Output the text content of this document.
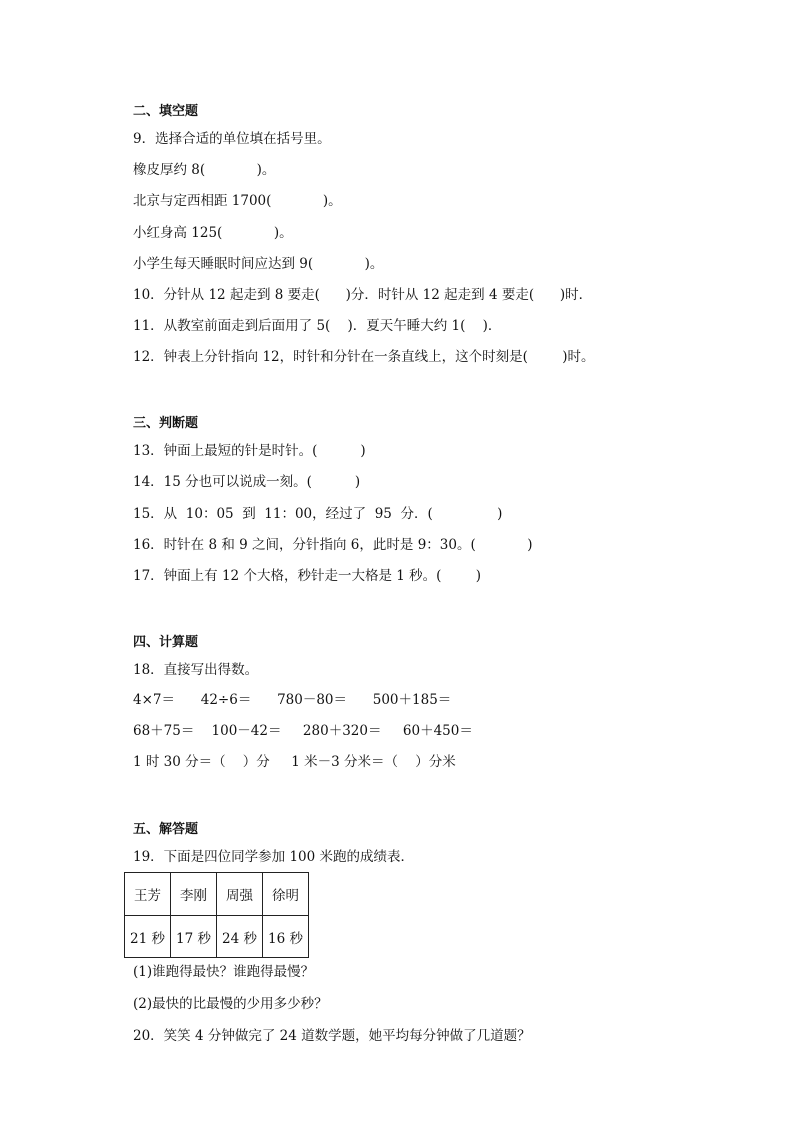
二、填空题
9．选择合适的单位填在括号里。
橡皮厚约 8(            )。
北京与定西相距 1700(            )。
小红身高 125(            )。
小学生每天睡眠时间应达到 9(            )。
10．分针从 12 起走到 8 要走(      )分．时针从 12 起走到 4 要走(      )时．
11．从教室前面走到后面用了 5(    )．夏天午睡大约 1(    )．
12．钟表上分针指向 12，时针和分针在一条直线上，这个时刻是(        )时。
三、判断题
13．钟面上最短的针是时针。(          )
14．15 分也可以说成一刻。(          )
15．从  10：05  到  11：00，经过了  95  分．(               )
16．时针在 8 和 9 之间，分针指向 6，此时是 9：30。(            )
17．钟面上有 12 个大格，秒针走一大格是 1 秒。(        )
四、计算题
18．直接写出得数。
4×7＝      42÷6＝      780－80＝      500＋185＝
68＋75＝    100－42＝     280＋320＝     60＋450＝
1 时 30 分＝（    ）分     1 米－3 分米＝（    ）分米
五、解答题
19．下面是四位同学参加 100 米跑的成绩表．
王芳	李刚	周强	徐明
21 秒	17 秒	24 秒	16 秒
(1)谁跑得最快？谁跑得最慢？
(2)最快的比最慢的少用多少秒？
20．笑笑 4 分钟做完了 24 道数学题，她平均每分钟做了几道题？
